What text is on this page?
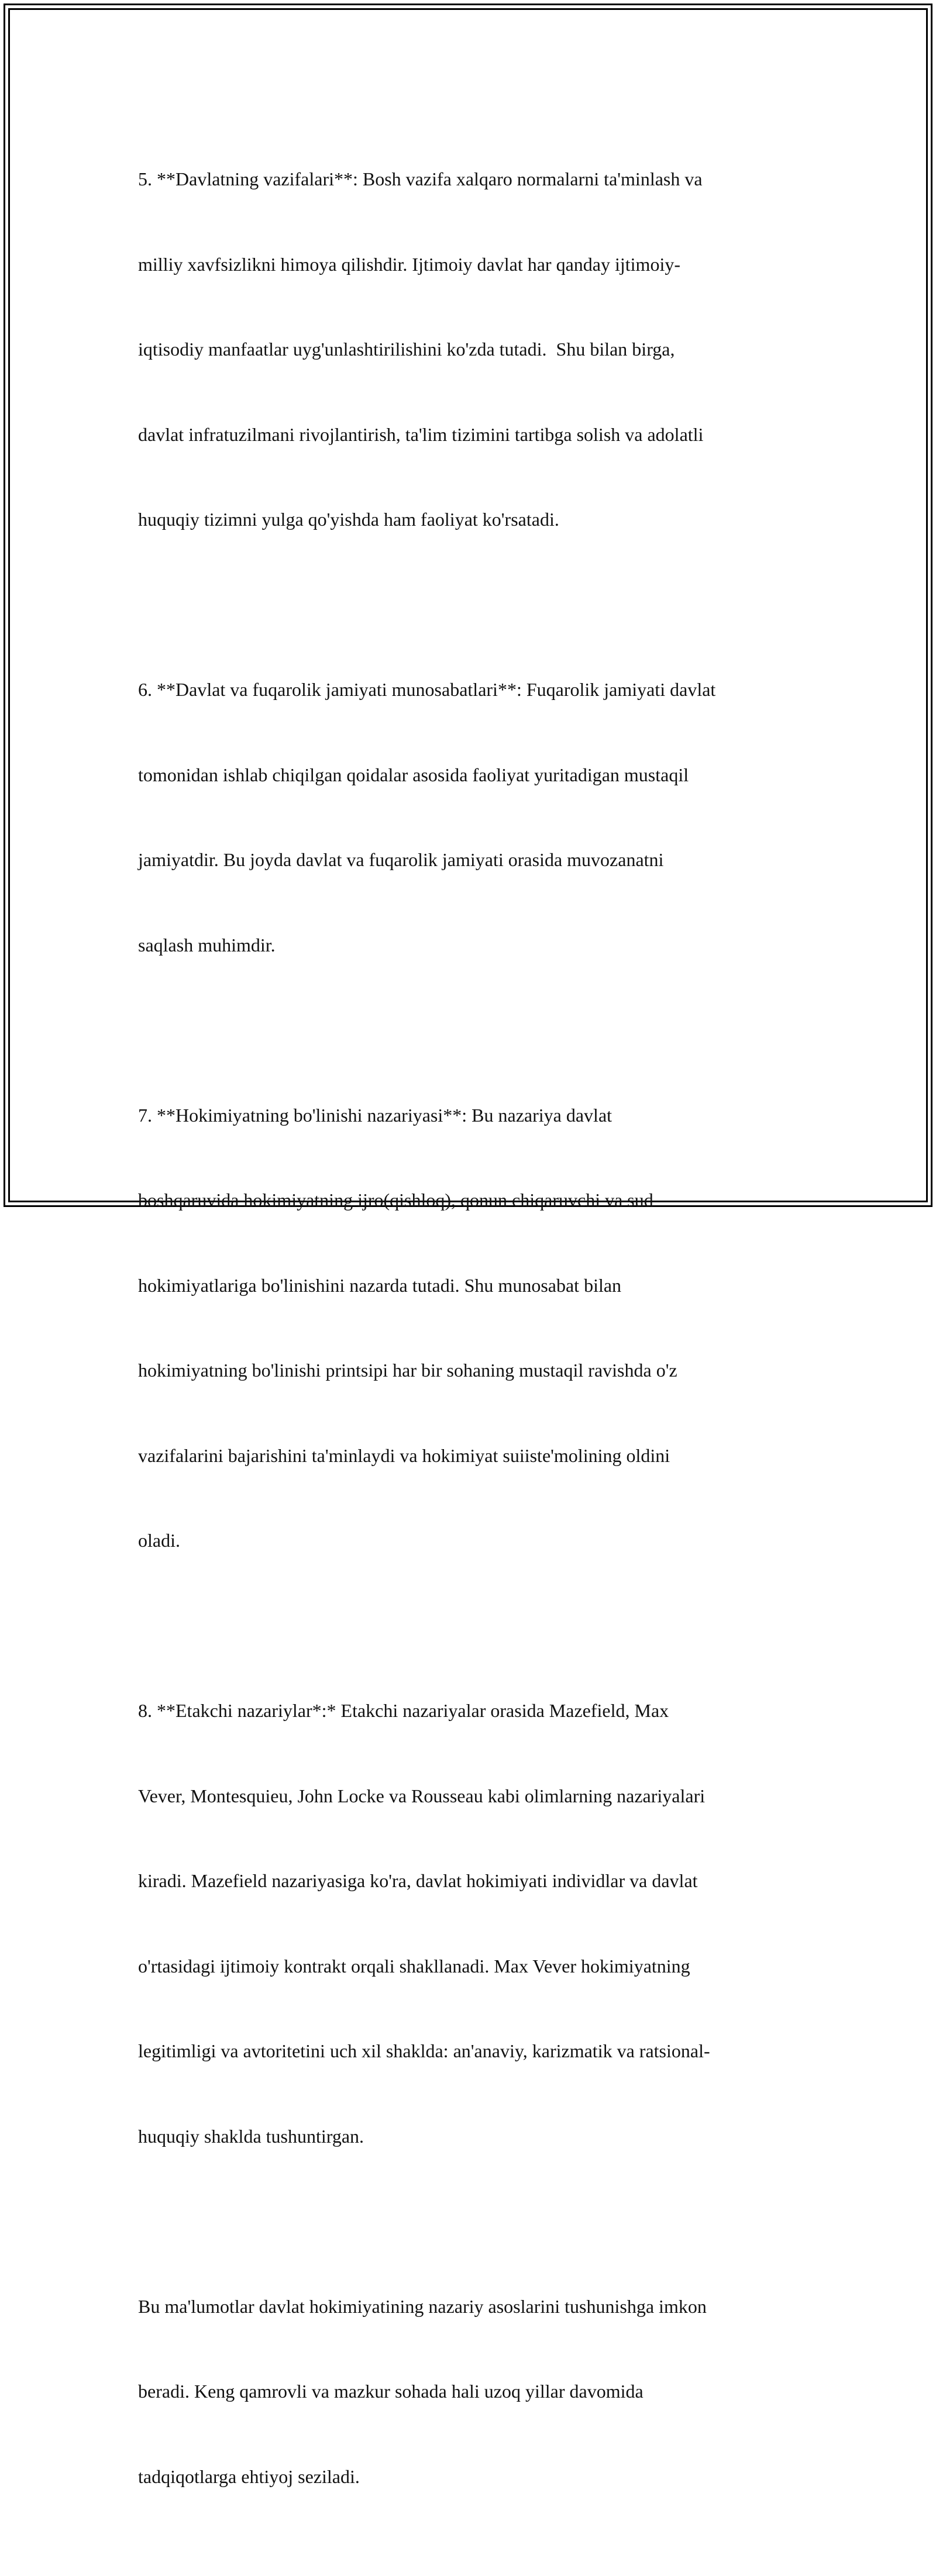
5. **Davlatning vazifalari**: Bosh vazifa xalqaro normalarni ta'minlash va

milliy xavfsizlikni himoya qilishdir. Ijtimoiy davlat har qanday ijtimoiy-

iqtisodiy manfaatlar uyg'unlashtirilishini ko'zda tutadi.  Shu bilan birga,

davlat infratuzilmani rivojlantirish, ta'lim tizimini tartibga solish va adolatli

huquqiy tizimni yulga qo'yishda ham faoliyat ko'rsatadi.

6. **Davlat va fuqarolik jamiyati munosabatlari**: Fuqarolik jamiyati davlat

tomonidan ishlab chiqilgan qoidalar asosida faoliyat yuritadigan mustaqil

jamiyatdir. Bu joyda davlat va fuqarolik jamiyati orasida muvozanatni

saqlash muhimdir.

7. **Hokimiyatning bo'linishi nazariyasi**: Bu nazariya davlat

boshqaruvida hokimiyatning ijro(qishloq), qonun chiqaruvchi va sud

hokimiyatlariga bo'linishini nazarda tutadi. Shu munosabat bilan

hokimiyatning bo'linishi printsipi har bir sohaning mustaqil ravishda o'z

vazifalarini bajarishini ta'minlaydi va hokimiyat suiiste'molining oldini

oladi.

8. **Etakchi nazariylar*:* Etakchi nazariyalar orasida Mazefield, Max

Vever, Montesquieu, John Locke va Rousseau kabi olimlarning nazariyalari

kiradi. Mazefield nazariyasiga ko'ra, davlat hokimiyati individlar va davlat

o'rtasidagi ijtimoiy kontrakt orqali shakllanadi. Max Vever hokimiyatning

legitimligi va avtoritetini uch xil shaklda: an'anaviy, karizmatik va ratsional-

huquqiy shaklda tushuntirgan.

Bu ma'lumotlar davlat hokimiyatining nazariy asoslarini tushunishga imkon

beradi. Keng qamrovli va mazkur sohada hali uzoq yillar davomida

tadqiqotlarga ehtiyoj seziladi.
